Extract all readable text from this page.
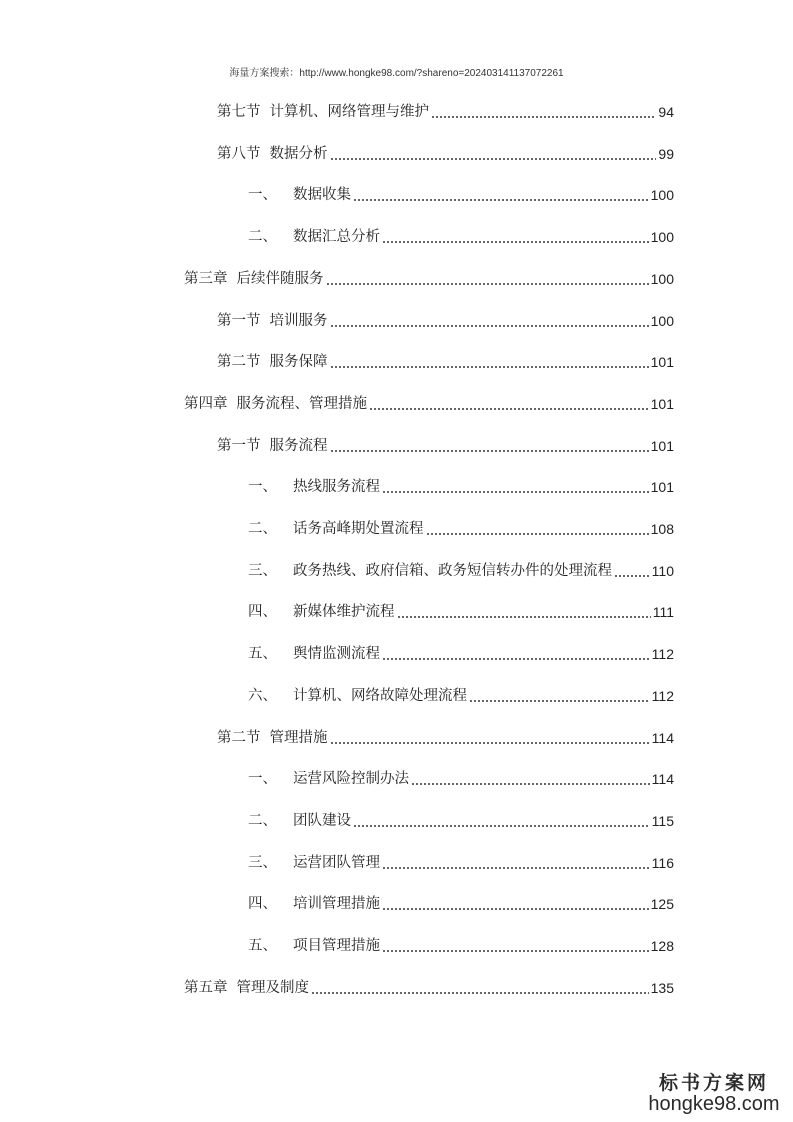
海量方案搜索：http://www.hongke98.com/?shareno=202403141137072261
第七节 计算机、网络管理与维护	94
第八节 数据分析	99
一、 数据收集	100
二、 数据汇总分析	100
第三章 后续伴随服务	100
第一节 培训服务	100
第二节 服务保障	101
第四章 服务流程、管理措施	101
第一节 服务流程	101
一、 热线服务流程	101
二、 话务高峰期处置流程	108
三、 政务热线、政府信箱、政务短信转办件的处理流程	110
四、 新媒体维护流程	111
五、 舆情监测流程	112
六、 计算机、网络故障处理流程	112
第二节 管理措施	114
一、 运营风险控制办法	114
二、 团队建设	115
三、 运营团队管理	116
四、 培训管理措施	125
五、 项目管理措施	128
第五章 管理及制度	135
标书方案网
hongke98.com
